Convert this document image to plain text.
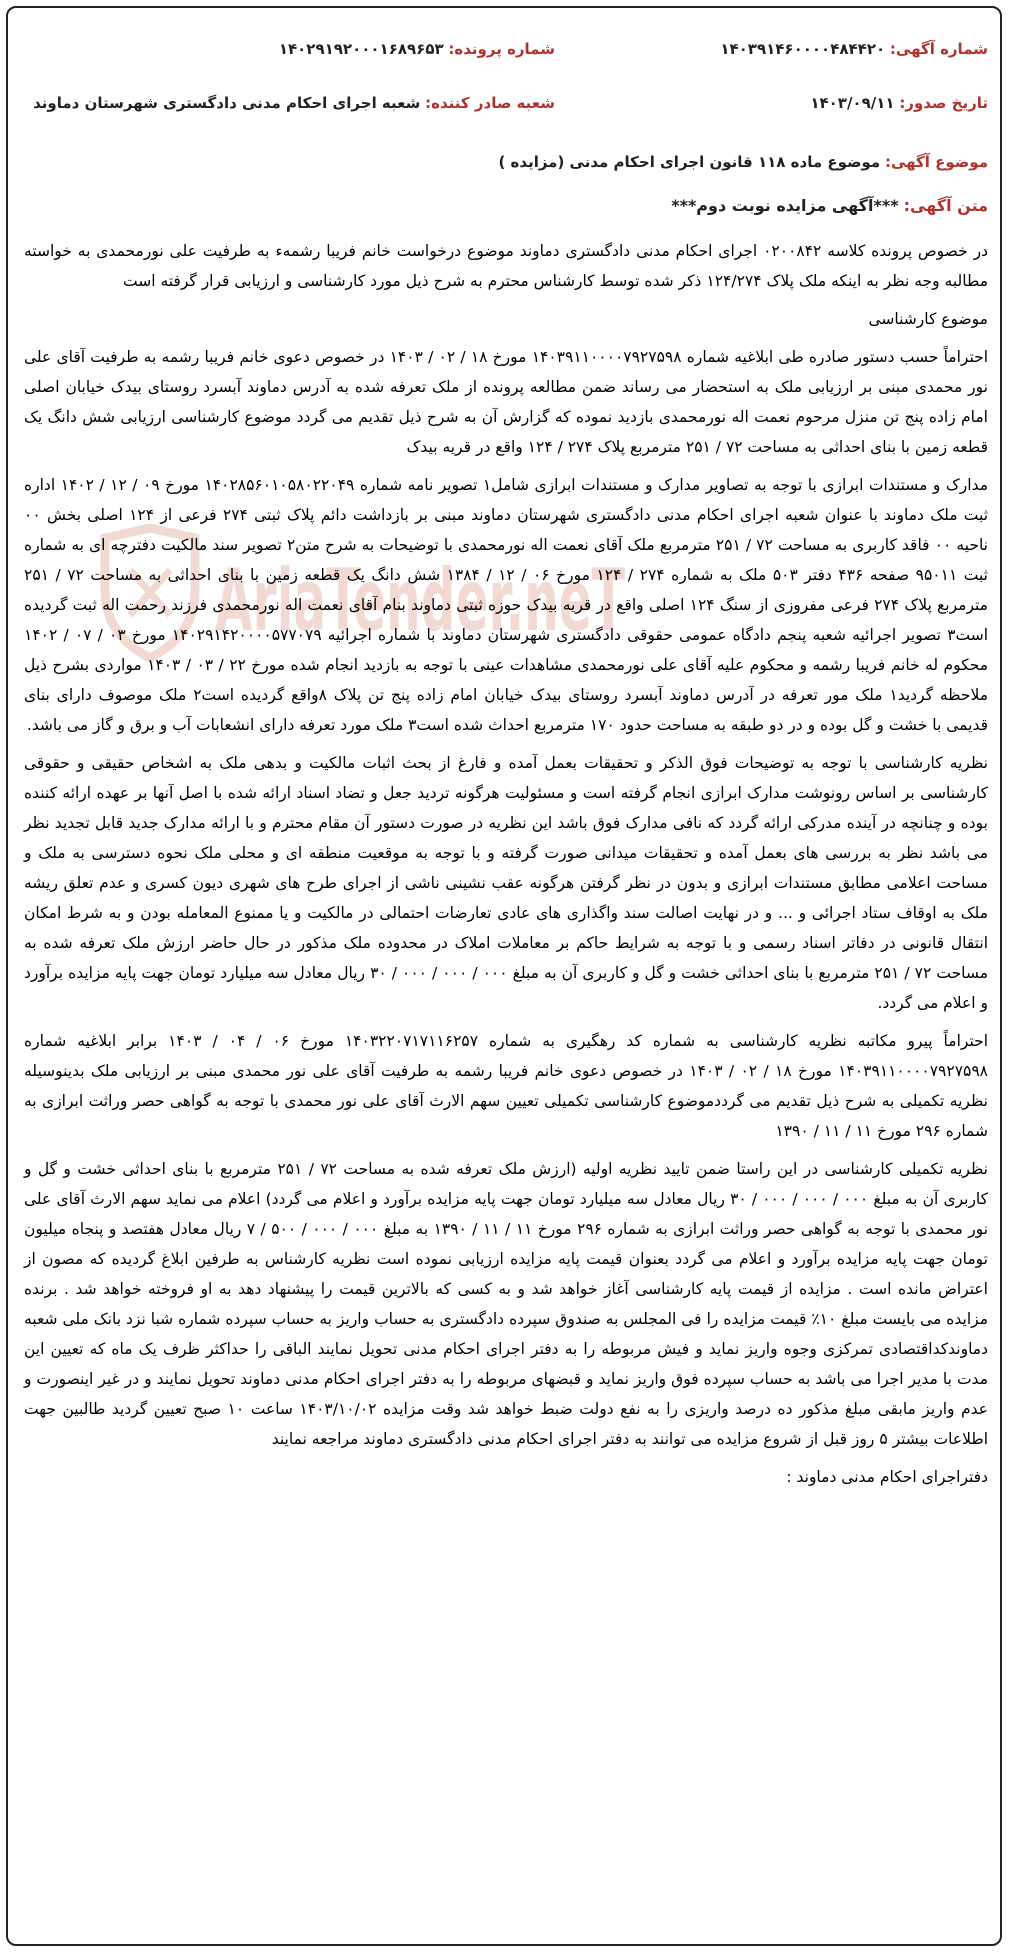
AriaTender.neT
شماره آگهی: ۱۴۰۳۹۱۴۶۰۰۰۰۴۸۴۴۲۰
شماره پرونده: ۱۴۰۲۹۱۹۲۰۰۰۱۶۸۹۶۵۳
تاریخ صدور: ۱۴۰۳/۰۹/۱۱
شعبه صادر کننده: شعبه اجرای احکام مدنی دادگستری شهرستان دماوند
موضوع آگهی: موضوع ماده ۱۱۸ قانون اجرای احکام مدنی (مزایده )
متن آگهی: ***آگهی مزایده نوبت دوم***

در خصوص پرونده کلاسه ۰۲۰۰۸۴۲ اجرای احکام مدنی دادگستری دماوند موضوع درخواست خانم فریبا رشمه‌ء به طرفیت علی نورمحمدی به خواسته مطالبه وجه نظر به اینکه ملک پلاک ۱۲۴/۲۷۴ ذکر شده توسط کارشناس محترم به شرح ذیل مورد کارشناسی و ارزیابی قرار گرفته است

موضوع کارشناسی

احتراماً حسب دستور صادره طی ابلاغیه شماره ۱۴۰۳۹۱۱۰۰۰۰۷۹۲۷۵۹۸ مورخ ۱۸ / ۰۲ / ۱۴۰۳ در خصوص دعوی خانم فریبا رشمه به طرفیت آقای علی نور محمدی مبنی بر ارزیابی ملک به استحضار می رساند ضمن مطالعه پرونده از ملک تعرفه شده به آدرس دماوند آبسرد روستای بیدک خیابان اصلی امام زاده پنج تن منزل مرحوم نعمت اله نورمحمدی بازدید نموده که گزارش آن به شرح ذیل تقدیم می گردد موضوع کارشناسی ارزیابی شش دانگ یک قطعه زمین با بنای احداثی به مساحت ۷۲ / ۲۵۱ مترمربع پلاک ۲۷۴ / ۱۲۴ واقع در قریه بیدک

مدارک و مستندات ابرازی با توجه به تصاویر مدارک و مستندات ابرازی شامل۱ تصویر نامه شماره ۱۴۰۲۸۵۶۰۱۰۵۸۰۲۲۰۴۹ مورخ ۰۹ / ۱۲ / ۱۴۰۲ اداره ثبت ملک دماوند با عنوان شعبه اجرای احکام مدنی دادگستری شهرستان دماوند مبنی بر بازداشت دائم پلاک ثبتی ۲۷۴ فرعی از ۱۲۴ اصلی بخش ۰۰ ناحیه ۰۰ فاقد کاربری به مساحت ۷۲ / ۲۵۱ مترمربع ملک آقای نعمت اله نورمحمدی با توضیحات به شرح متن۲ تصویر سند مالکیت دفترچه ای به شماره ثبت ۹۵۰۱۱ صفحه ۴۳۶ دفتر ۵۰۳ ملک به شماره ۲۷۴ / ۱۲۴ مورخ ۰۶ / ۱۲ / ۱۳۸۴ شش دانگ یک قطعه زمین با بنای احداثی به مساحت ۷۲ / ۲۵۱ مترمربع پلاک ۲۷۴ فرعی مفروزی از سنگ ۱۲۴ اصلی واقع در قریه بیدک حوزه ثبتی دماوند بنام آقای نعمت اله نورمحمدی فرزند رحمت اله ثبت گردیده است۳ تصویر اجرائیه شعبه پنجم دادگاه عمومی حقوقی دادگستری شهرستان دماوند با شماره اجرائیه ۱۴۰۲۹۱۴۲۰۰۰۰۵۷۷۰۷۹ مورخ ۰۳ / ۰۷ / ۱۴۰۲ محکوم له خانم فریبا رشمه و محکوم علیه آقای علی نورمحمدی مشاهدات عینی با توجه به بازدید انجام شده مورخ ۲۲ / ۰۳ / ۱۴۰۳ مواردی بشرح ذیل ملاحظه گردید۱ ملک مور تعرفه در آدرس دماوند آبسرد روستای بیدک خیابان امام زاده پنج تن پلاک ۸واقع گردیده است۲ ملک موصوف دارای بنای قدیمی با خشت و گل بوده و در دو طبقه به مساحت حدود ۱۷۰ مترمربع احداث شده است۳ ملک مورد تعرفه دارای انشعابات آب و برق و گاز می باشد.

نظریه کارشناسی با توجه به توضیحات فوق الذکر و تحقیقات بعمل آمده و فارغ از بحث اثبات مالکیت و بدهی ملک به اشخاص حقیقی و حقوقی کارشناسی بر اساس رونوشت مدارک ابرازی انجام گرفته است و مسئولیت هرگونه تردید جعل و تضاد اسناد ارائه شده با اصل آنها بر عهده ارائه کننده بوده و چنانچه در آینده مدرکی ارائه گردد که نافی مدارک فوق باشد این نظریه در صورت دستور آن مقام محترم و با ارائه مدارک جدید قابل تجدید نظر می باشد نظر به بررسی های بعمل آمده و تحقیقات میدانی صورت گرفته و با توجه به موقعیت منطقه ای و محلی ملک نحوه دسترسی به ملک و مساحت اعلامی مطابق مستندات ابرازی و بدون در نظر گرفتن هرگونه عقب نشینی ناشی از اجرای طرح های شهری دیون کسری و عدم تعلق ریشه ملک به اوقاف ستاد اجرائی و ... و در نهایت اصالت سند واگذاری های عادی تعارضات احتمالی در مالکیت و یا ممنوع المعامله بودن و به شرط امکان انتقال قانونی در دفاتر اسناد رسمی و با توجه به شرایط حاکم بر معاملات املاک در محدوده ملک مذکور در حال حاضر ارزش ملک تعرفه شده به مساحت ۷۲ / ۲۵۱ مترمربع با بنای احداثی خشت و گل و کاربری آن به مبلغ ۰۰۰ / ۰۰۰ / ۰۰۰ / ۳۰ ریال معادل سه میلیارد تومان جهت پایه مزایده برآورد و اعلام می گردد.

احتراماً پیرو مکاتبه نظریه کارشناسی به شماره کد رهگیری به شماره ۱۴۰۳۲۲۰۷۱۷۱۱۶۲۵۷ مورخ ۰۶ / ۰۴ / ۱۴۰۳ برابر ابلاغیه شماره ۱۴۰۳۹۱۱۰۰۰۰۷۹۲۷۵۹۸ مورخ ۱۸ / ۰۲ / ۱۴۰۳ در خصوص دعوی خانم فریبا رشمه به طرفیت آقای علی نور محمدی مبنی بر ارزیابی ملک بدینوسیله نظریه تکمیلی به شرح ذیل تقدیم می گرددموضوع کارشناسی تکمیلی تعیین سهم الارث آقای علی نور محمدی با توجه به گواهی حصر وراثت ابرازی به شماره ۲۹۶ مورخ ۱۱ / ۱۱ / ۱۳۹۰

نظریه تکمیلی کارشناسی در این راستا ضمن تایید نظریه اولیه (ارزش ملک تعرفه شده به مساحت ۷۲ / ۲۵۱ مترمربع با بنای احداثی خشت و گل و کاربری آن به مبلغ ۰۰۰ / ۰۰۰ / ۰۰۰ / ۳۰ ریال معادل سه میلیارد تومان جهت پایه مزایده برآورد و اعلام می گردد) اعلام می نماید سهم الارث آقای علی نور محمدی با توجه به گواهی حصر وراثت ابرازی به شماره ۲۹۶ مورخ ۱۱ / ۱۱ / ۱۳۹۰ به مبلغ ۰۰۰ / ۰۰۰ / ۵۰۰ / ۷ ریال معادل هفتصد و پنجاه میلیون تومان جهت پایه مزایده برآورد و اعلام می گردد بعنوان قیمت پایه مزایده ارزیابی نموده است نظریه کارشناس به طرفین ابلاغ گردیده که مصون از اعتراض مانده است . مزایده از قیمت پایه کارشناسی آغاز خواهد شد و به کسی که بالاترین قیمت را پیشنهاد دهد به او فروخته خواهد شد . برنده مزایده می بایست مبلغ ۱۰٪ قیمت مزایده را فی المجلس به صندوق سپرده دادگستری به حساب واریز به حساب سپرده شماره شبا نزد بانک ملی شعبه دماوندکداقتصادی تمرکزی وجوه واریز نماید و فیش مربوطه را به دفتر اجرای احکام مدنی تحویل نمایند الباقی را حداکثر ظرف یک ماه که تعیین این مدت با مدیر اجرا می باشد به حساب سپرده فوق واریز نماید و قبضهای مربوطه را به دفتر اجرای احکام مدنی دماوند تحویل نمایند و در غیر اینصورت و عدم واریز مابقی مبلغ مذکور ده درصد واریزی را به نفع دولت ضبط خواهد شد وقت مزایده ۱۴۰۳/۱۰/۰۲ ساعت ۱۰ صبح تعیین گردید طالبین جهت اطلاعات بیشتر ۵ روز قبل از شروع مزایده می توانند به دفتر اجرای احکام مدنی دادگستری دماوند مراجعه نمایند

دفتراجرای احکام مدنی دماوند :
